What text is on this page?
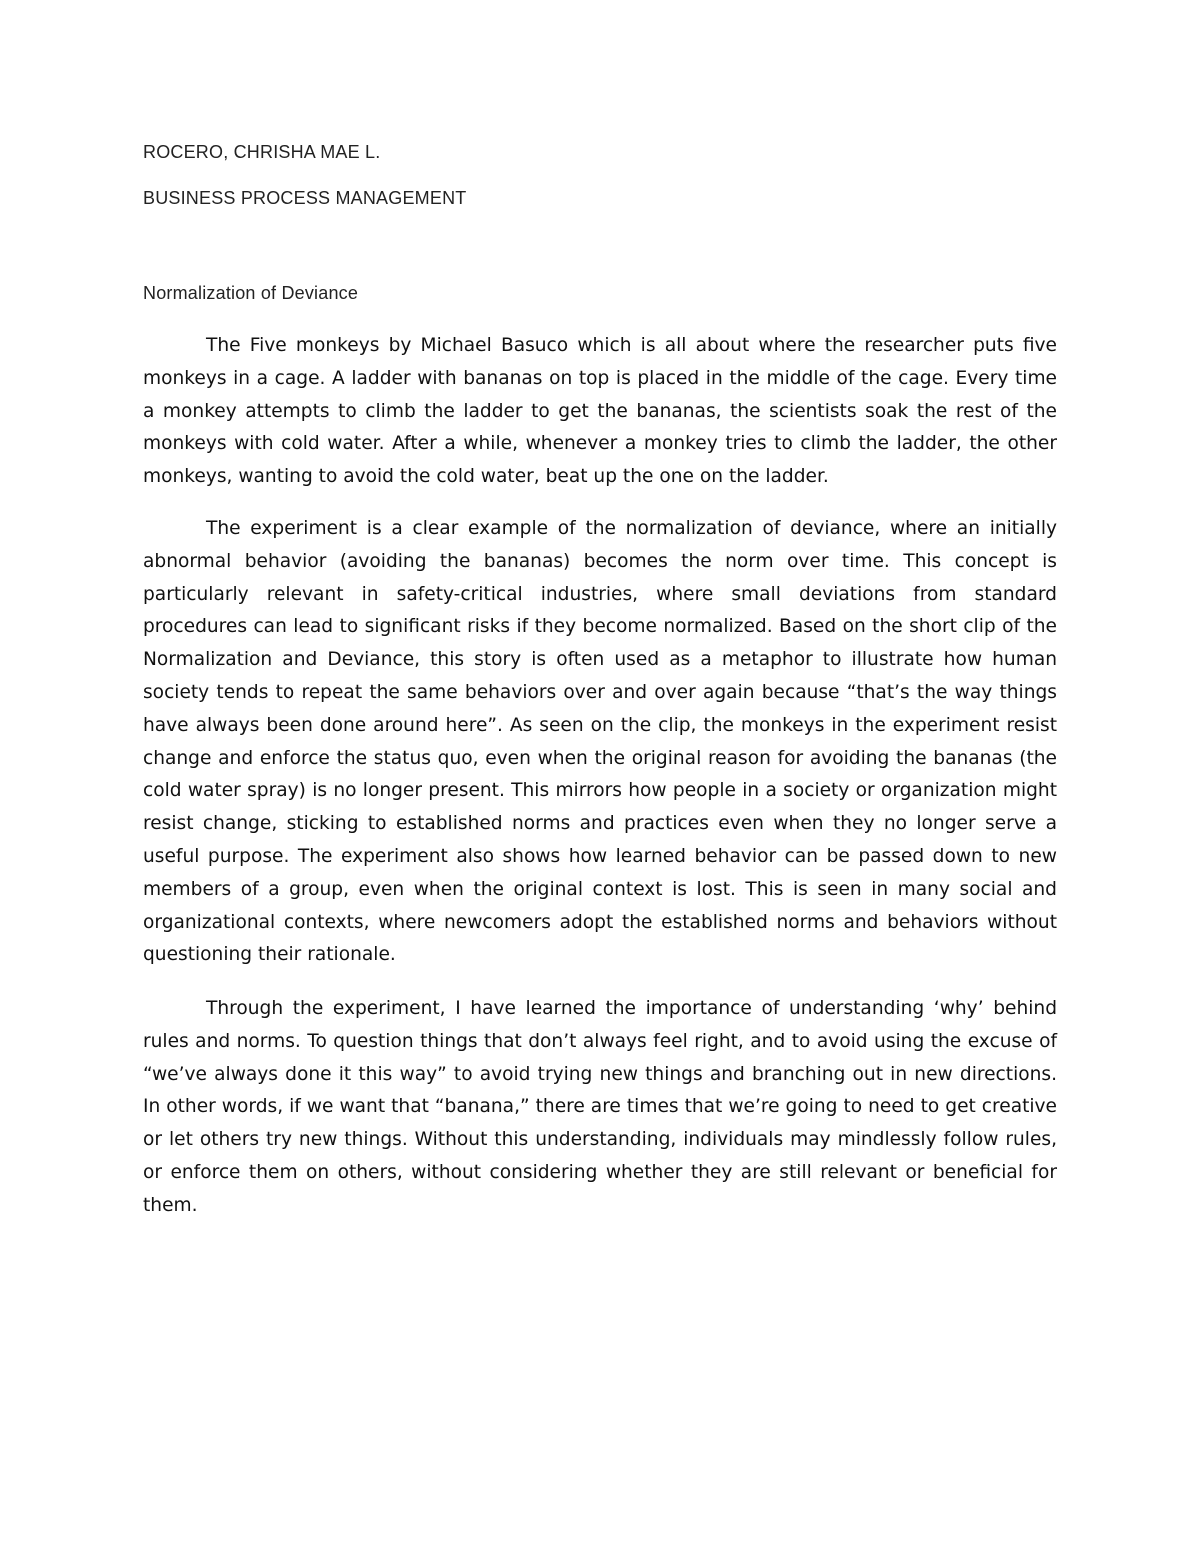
ROCERO, CHRISHA MAE L.
BUSINESS PROCESS MANAGEMENT
Normalization of Deviance

The Five monkeys by Michael Basuco which is all about where the researcher puts five monkeys in a cage. A ladder with bananas on top is placed in the middle of the cage. Every time a monkey attempts to climb the ladder to get the bananas, the scientists soak the rest of the monkeys with cold water. After a while, whenever a monkey tries to climb the ladder, the other monkeys, wanting to avoid the cold water, beat up the one on the ladder.

The experiment is a clear example of the normalization of deviance, where an initially abnormal behavior (avoiding the bananas) becomes the norm over time. This concept is particularly relevant in safety-critical industries, where small deviations from standard procedures can lead to significant risks if they become normalized. Based on the short clip of the Normalization and Deviance, this story is often used as a metaphor to illustrate how human society tends to repeat the same behaviors over and over again because “that’s the way things have always been done around here”. As seen on the clip, the monkeys in the experiment resist change and enforce the status quo, even when the original reason for avoiding the bananas (the cold water spray) is no longer present. This mirrors how people in a society or organization might resist change, sticking to established norms and practices even when they no longer serve a useful purpose. The experiment also shows how learned behavior can be passed down to new members of a group, even when the original context is lost. This is seen in many social and organizational contexts, where newcomers adopt the established norms and behaviors without questioning their rationale.

Through the experiment, I have learned the importance of understanding ‘why’ behind rules and norms. To question things that don’t always feel right, and to avoid using the excuse of “we’ve always done it this way” to avoid trying new things and branching out in new directions. In other words, if we want that “banana,” there are times that we’re going to need to get creative or let others try new things. Without this understanding, individuals may mindlessly follow rules, or enforce them on others, without considering whether they are still relevant or beneficial for them.
